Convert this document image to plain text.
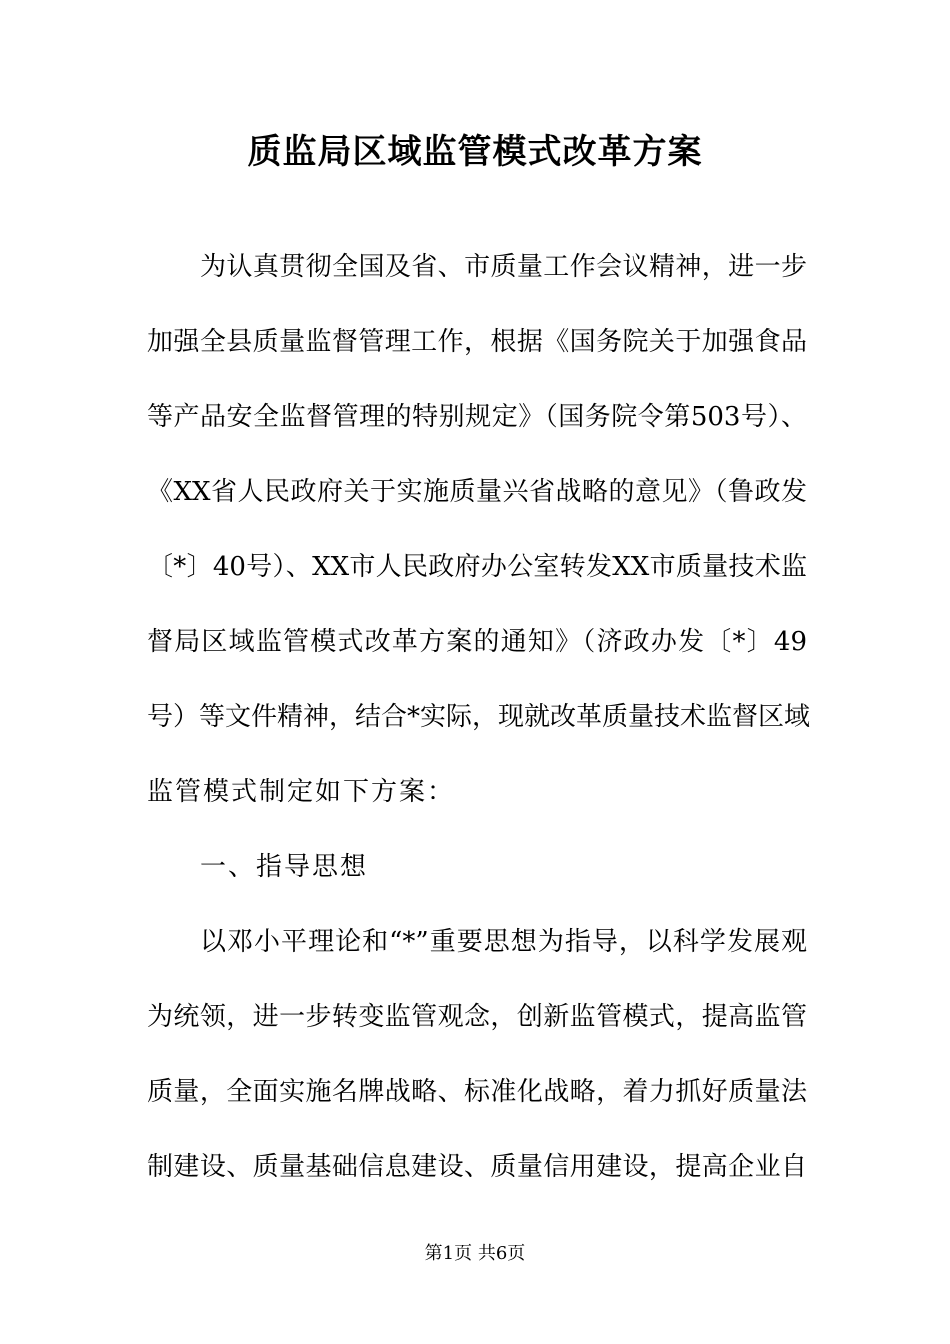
质监局区域监管模式改革方案
为认真贯彻全国及省、市质量工作会议精神，进一步
加强全县质量监督管理工作，根据《国务院关于加强食品
等产品安全监督管理的特别规定》（国务院令第503号）、
《XX省人民政府关于实施质量兴省战略的意见》（鲁政发
〔*〕40号）、XX市人民政府办公室转发XX市质量技术监
督局区域监管模式改革方案的通知》（济政办发〔*〕49
号）等文件精神，结合*实际，现就改革质量技术监督区域
监管模式制定如下方案：
一、指导思想
以邓小平理论和“*”重要思想为指导，以科学发展观
为统领，进一步转变监管观念，创新监管模式，提高监管
质量，全面实施名牌战略、标准化战略，着力抓好质量法
制建设、质量基础信息建设、质量信用建设，提高企业自
第1页 共6页
